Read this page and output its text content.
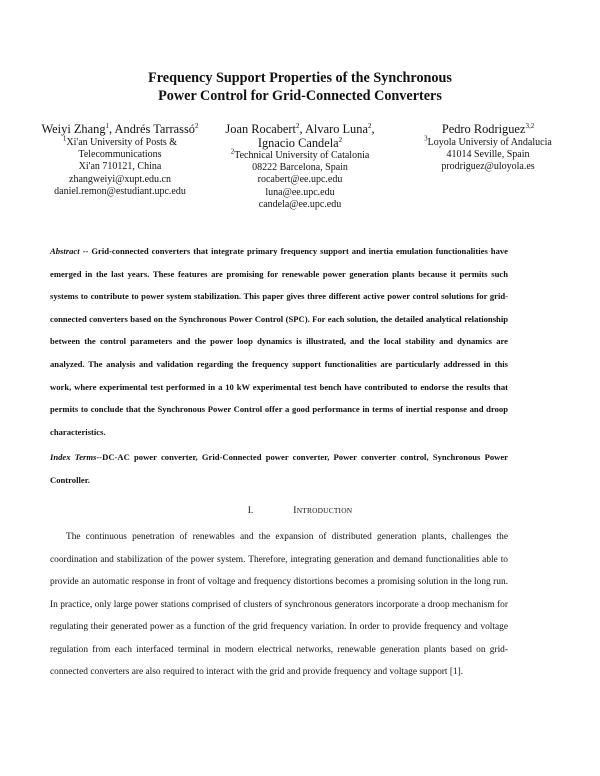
Frequency Support Properties of the Synchronous
Power Control for Grid-Connected Converters
Weiyi Zhang$^1$, Andrés Tarrassó$^2$
$^1$Xi'an University of Posts &
Telecommunications
Xi'an 710121, China
zhangweiyi@xupt.edu.cn
daniel.remon@estudiant.upc.edu
Joan Rocabert$^2$, Alvaro Luna$^2$,
Ignacio Candela$^2$
$^2$Technical University of Catalonia
08222 Barcelona, Spain
rocabert@ee.upc.edu
luna@ee.upc.edu
candela@ee.upc.edu
Pedro Rodriguez$^{3,2}$
$^3$Loyola Universiy of Andalucia
41014 Seville, Spain
prodriguez@uloyola.es
Abstract -- Grid-connected converters that integrate primary frequency support and inertia emulation functionalities have emerged in the last years. These features are promising for renewable power generation plants because it permits such systems to contribute to power system stabilization. This paper gives three different active power control solutions for grid-connected converters based on the Synchronous Power Control (SPC). For each solution, the detailed analytical relationship between the control parameters and the power loop dynamics is illustrated, and the local stability and dynamics are analyzed. The analysis and validation regarding the frequency support functionalities are particularly addressed in this work, where experimental test performed in a 10 kW experimental test bench have contributed to endorse the results that permits to conclude that the Synchronous Power Control offer a good performance in terms of inertial response and droop characteristics.
Index Terms--DC-AC power converter, Grid-Connected power converter, Power converter control, Synchronous Power Controller.
I.	INTRODUCTION
The continuous penetration of renewables and the expansion of distributed generation plants, challenges the coordination and stabilization of the power system. Therefore, integrating generation and demand functionalities able to provide an automatic response in front of voltage and frequency distortions becomes a promising solution in the long run. In practice, only large power stations comprised of clusters of synchronous generators incorporate a droop mechanism for regulating their generated power as a function of the grid frequency variation. In order to provide frequency and voltage regulation from each interfaced terminal in modern electrical networks, renewable generation plants based on grid-connected converters are also required to interact with the grid and provide frequency and voltage support [1].
